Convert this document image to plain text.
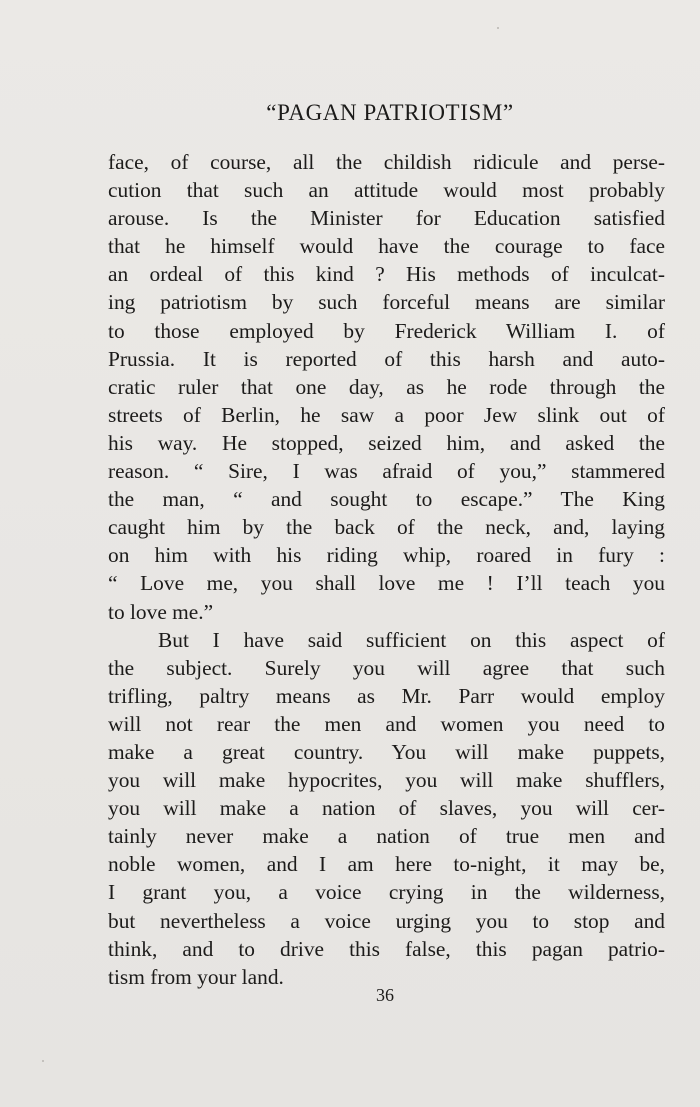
“PAGAN PATRIOTISM”
face, of course, all the childish ridicule and perse-
cution that such an attitude would most probably
arouse. Is the Minister for Education satisfied
that he himself would have the courage to face
an ordeal of this kind ? His methods of inculcat-
ing patriotism by such forceful means are similar
to those employed by Frederick William I. of
Prussia. It is reported of this harsh and auto-
cratic ruler that one day, as he rode through the
streets of Berlin, he saw a poor Jew slink out of
his way. He stopped, seized him, and asked the
reason. “ Sire, I was afraid of you,” stammered
the man, “ and sought to escape.” The King
caught him by the back of the neck, and, laying
on him with his riding whip, roared in fury :
“ Love me, you shall love me ! I’ll teach you
to love me.”
But I have said sufficient on this aspect of
the subject. Surely you will agree that such
trifling, paltry means as Mr. Parr would employ
will not rear the men and women you need to
make a great country. You will make puppets,
you will make hypocrites, you will make shufflers,
you will make a nation of slaves, you will cer-
tainly never make a nation of true men and
noble women, and I am here to-night, it may be,
I grant you, a voice crying in the wilderness,
but nevertheless a voice urging you to stop and
think, and to drive this false, this pagan patrio-
tism from your land.
36
